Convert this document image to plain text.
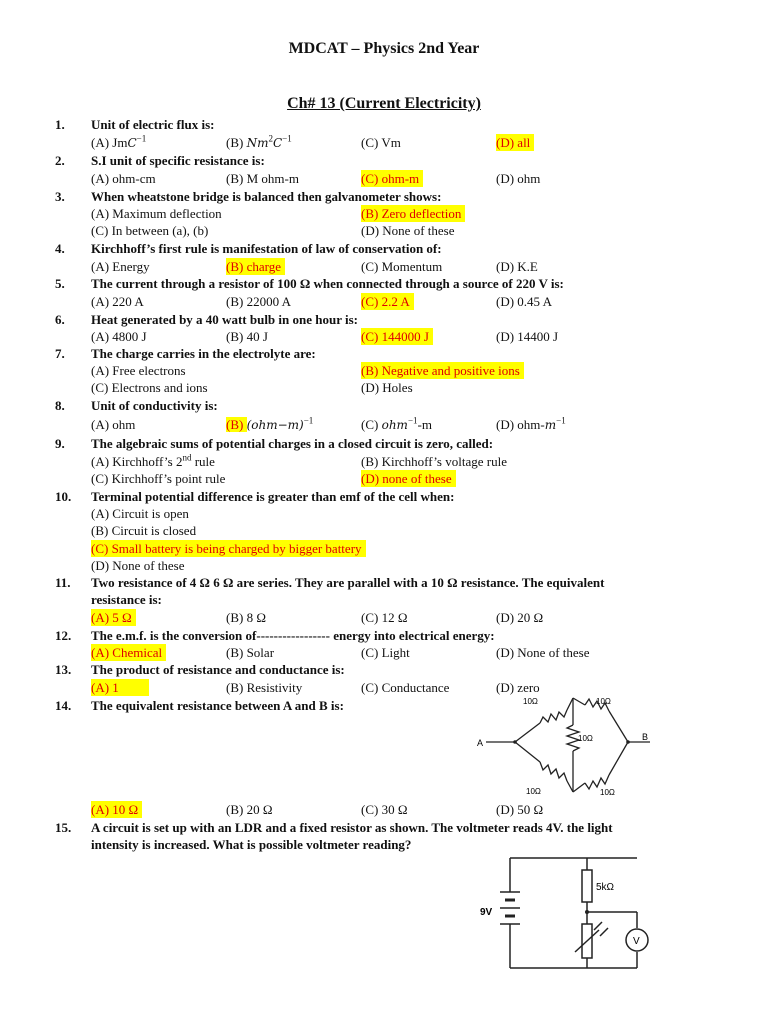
MDCAT – Physics 2nd Year
Ch# 13 (Current Electricity)
1. Unit of electric flux is:
(A) JmC$^{-1}$	(B) $Nm^2C^{-1}$	(C) Vm	(D) all
2. S.I unit of specific resistance is:
(A) ohm-cm	(B) M ohm-m	(C) ohm-m	(D) ohm
3. When wheatstone bridge is balanced then galvanometer shows:
(A) Maximum deflection	(B) Zero deflection
(C) In between (a), (b)	(D) None of these
4. Kirchhoff’s first rule is manifestation of law of conservation of:
(A) Energy	(B) charge	(C) Momentum	(D) K.E
5. The current through a resistor of 100 Ω when connected through a source of 220 V is:
(A) 220 A	(B) 22000 A	(C) 2.2 A	(D) 0.45 A
6. Heat generated by a 40 watt bulb in one hour is:
(A) 4800 J	(B) 40 J	(C) 144000 J	(D) 14400 J
7. The charge carries in the electrolyte are:
(A) Free electrons	(B) Negative and positive ions
(C) Electrons and ions	(D) Holes
8. Unit of conductivity is:
(A) ohm	(B) $(ohm-m)^{-1}$	(C) ohm$^{-1}$-m	(D) ohm-$m^{-1}$
9. The algebraic sums of potential charges in a closed circuit is zero, called:
(A) Kirchhoff’s 2nd rule	(B) Kirchhoff’s voltage rule
(C) Kirchhoff’s point rule	(D) none of these
10. Terminal potential difference is greater than emf of the cell when:
(A) Circuit is open
(B) Circuit is closed
(C) Small battery is being charged by bigger battery
(D) None of these
11. Two resistance of 4 Ω 6 Ω are series. They are parallel with a 10 Ω resistance. The equivalent
resistance is:
(A) 5 Ω	(B) 8 Ω	(C) 12 Ω	(D) 20 Ω
12. The e.m.f. is the conversion of----------------- energy into electrical energy:
(A) Chemical	(B) Solar	(C) Light	(D) None of these
13. The product of resistance and conductance is:
(A) 1	(B) Resistivity	(C) Conductance	(D) zero
14. The equivalent resistance between A and B is:
A
B
10Ω	10Ω
10Ω
10Ω	10Ω
(A) 10 Ω	(B) 20 Ω	(C) 30 Ω	(D) 50 Ω
15. A circuit is set up with an LDR and a fixed resistor as shown. The voltmeter reads 4V. the light
intensity is increased. What is possible voltmeter reading?
9V
5kΩ
V
